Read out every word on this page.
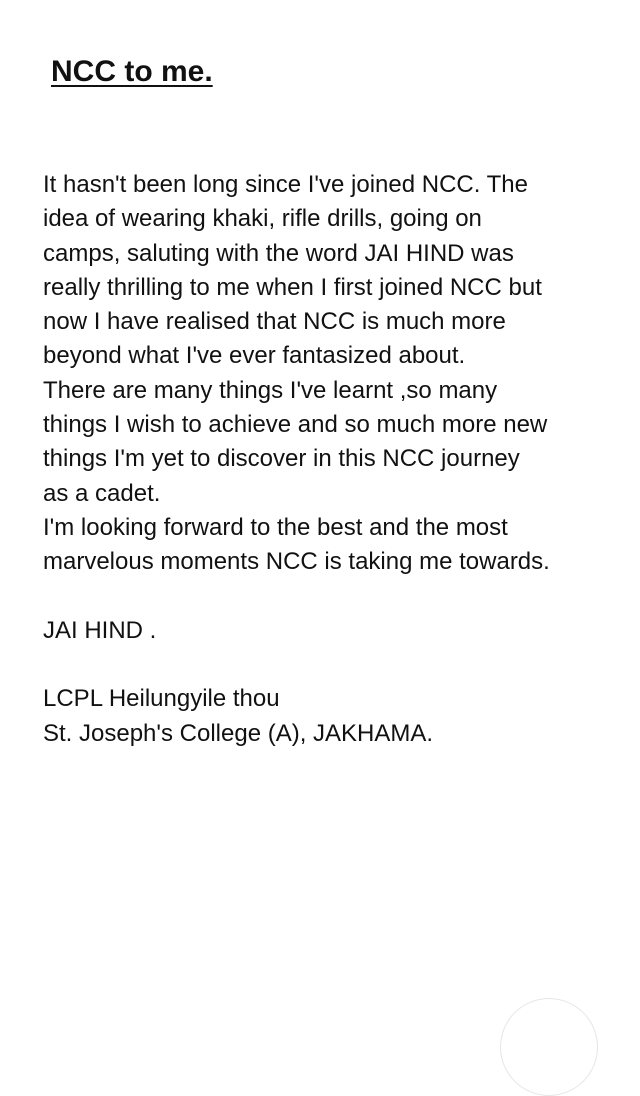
NCC to me.
It hasn't been long since I've joined NCC. The
idea of wearing khaki, rifle drills, going on
camps, saluting with the word JAI HIND was
really thrilling to me when I first joined NCC but
now I have realised that NCC is much more
beyond what I've ever fantasized about.
There are many things I've learnt ,so many
things I wish to achieve and so much more new
things I'm yet to discover in this NCC journey
as a cadet.
I'm looking forward to the best and the most
marvelous moments NCC is taking me towards.
JAI HIND .
LCPL Heilungyile thou
St. Joseph's College (A), JAKHAMA.
